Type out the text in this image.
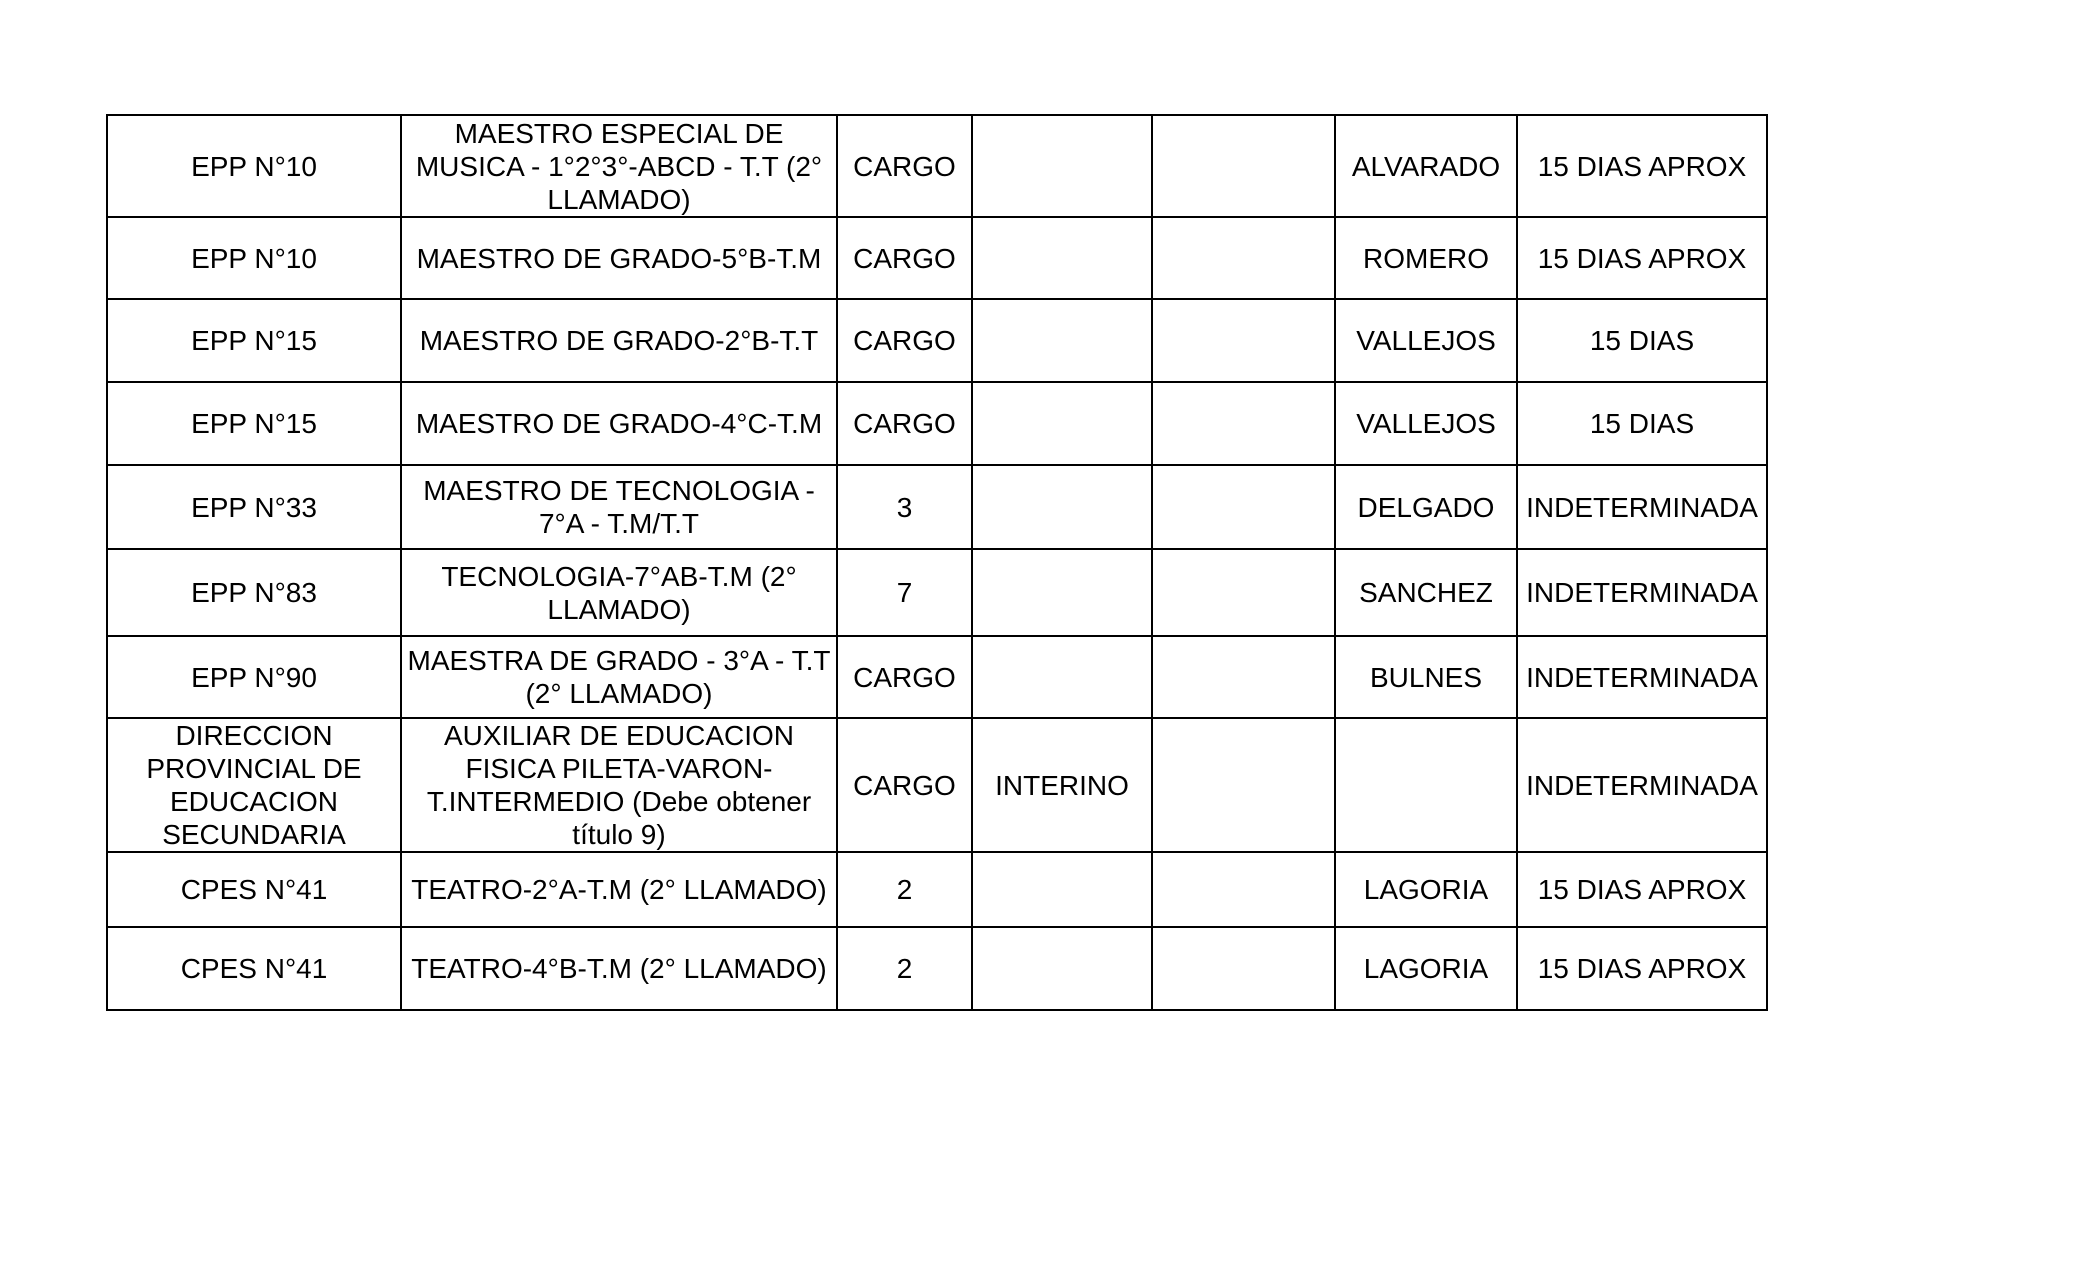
EPP N°10	MAESTRO ESPECIAL DE MUSICA - 1°2°3°-ABCD - T.T (2° LLAMADO)	CARGO			ALVARADO	15 DIAS APROX
EPP N°10	MAESTRO DE GRADO-5°B-T.M	CARGO			ROMERO	15 DIAS APROX
EPP N°15	MAESTRO DE GRADO-2°B-T.T	CARGO			VALLEJOS	15 DIAS
EPP N°15	MAESTRO DE GRADO-4°C-T.M	CARGO			VALLEJOS	15 DIAS
EPP N°33	MAESTRO DE TECNOLOGIA - 7°A - T.M/T.T	3			DELGADO	INDETERMINADA
EPP N°83	TECNOLOGIA-7°AB-T.M (2° LLAMADO)	7			SANCHEZ	INDETERMINADA
EPP N°90	MAESTRA DE GRADO - 3°A - T.T (2° LLAMADO)	CARGO			BULNES	INDETERMINADA
DIRECCION PROVINCIAL DE EDUCACION SECUNDARIA	AUXILIAR DE EDUCACION FISICA PILETA-VARON-T.INTERMEDIO (Debe obtener título 9)	CARGO	INTERINO			INDETERMINADA
CPES N°41	TEATRO-2°A-T.M (2° LLAMADO)	2			LAGORIA	15 DIAS APROX
CPES N°41	TEATRO-4°B-T.M (2° LLAMADO)	2			LAGORIA	15 DIAS APROX
